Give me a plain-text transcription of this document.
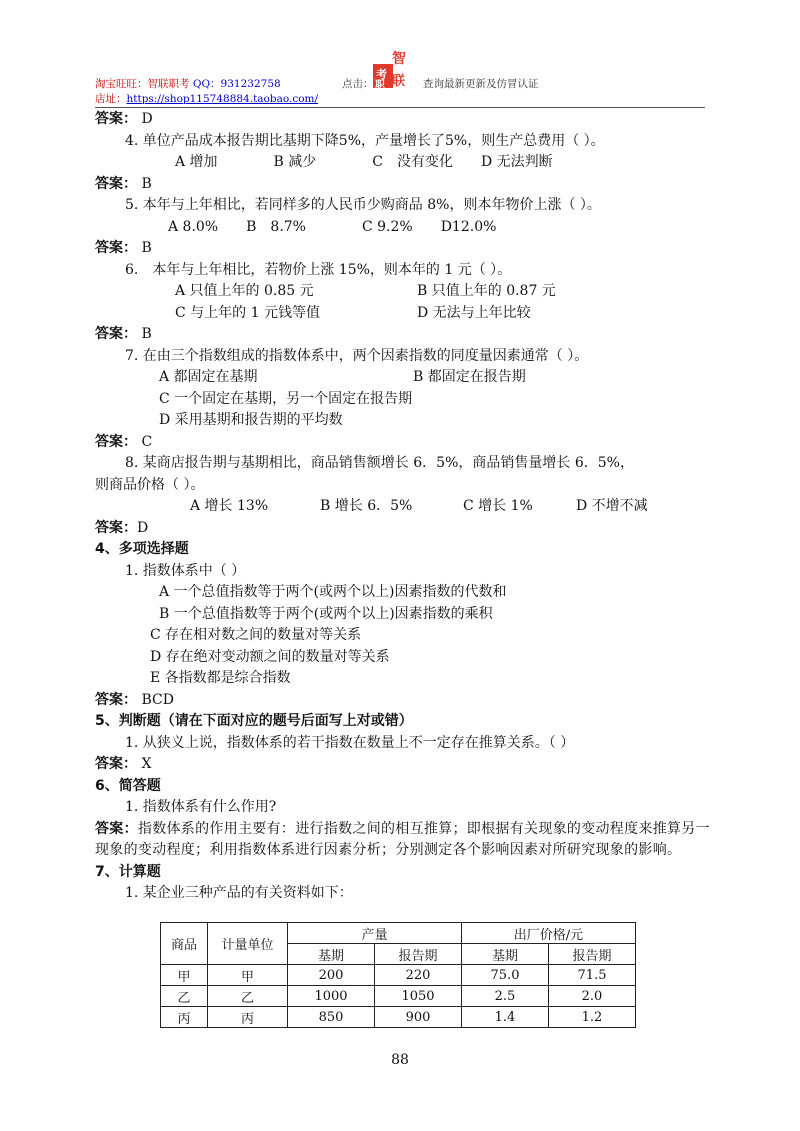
淘宝旺旺：智联职考 QQ：931232758
店址：https://shop115748884.taobao.com/
点击：
考
智
职 联 查询最新更新及仿冒认证

答案： D

4. 单位产品成本报告期比基期下降5%，产量增长了5%，则生产总费用（ ）。

A 增加　　　　B 减少　　　　C　没有变化　　D 无法判断

答案： B

5. 本年与上年相比，若同样多的人民币少购商品 8%，则本年物价上涨（ ）。

A 8.0%　　B　8.7%　　　　C 9.2%　　D12.0%

答案： B

6.　本年与上年相比，若物价上涨 15%，则本年的 1 元（ ）。

A 只值上年的 0.85 元	B 只值上年的 0.87 元

C 与上年的 1 元钱等值	D 无法与上年比较

答案： B

7. 在由三个指数组成的指数体系中，两个因素指数的同度量因素通常（ ）。

A 都固定在基期	B 都固定在报告期

C 一个固定在基期，另一个固定在报告期

D 采用基期和报告期的平均数

答案： C

8. 某商店报告期与基期相比，商品销售额增长 6．5%，商品销售量增长 6．5%，

则商品价格（ ）。

A 增长 13%	B 增长 6．5%	C 增长 1%	D 不增不减

答案：D

4、多项选择题

1. 指数体系中（ ）

A 一个总值指数等于两个(或两个以上)因素指数的代数和

B 一个总值指数等于两个(或两个以上)因素指数的乘积

C 存在相对数之间的数量对等关系

D 存在绝对变动额之间的数量对等关系

E 各指数都是综合指数

答案： BCD

5、判断题（请在下面对应的题号后面写上对或错）

1. 从狭义上说，指数体系的若干指数在数量上不一定存在推算关系。（ ）

答案： X

6、简答题

1. 指数体系有什么作用?

答案：指数体系的作用主要有：进行指数之间的相互推算；即根据有关现象的变动程度来推算另一现象的变动程度；利用指数体系进行因素分析；分别测定各个影响因素对所研究现象的影响。

7、计算题

1. 某企业三种产品的有关资料如下：

商品	计量单位	产量		出厂价格/元	
		基期	报告期	基期	报告期
甲	甲	200	220	75.0	71.5
乙	乙	1000	1050	2.5	2.0
丙	丙	850	900	1.4	1.2
88
